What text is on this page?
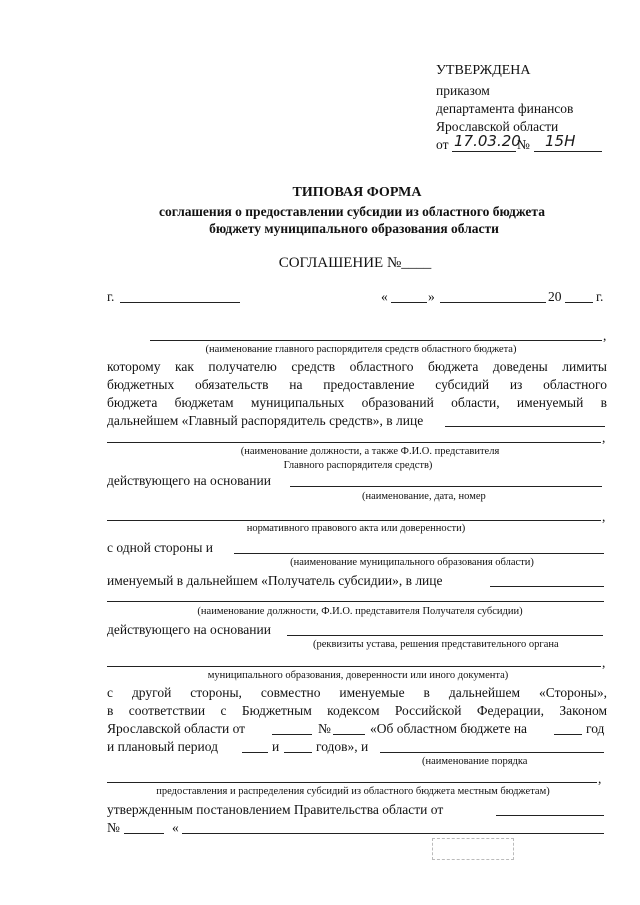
УТВЕРЖДЕНА
приказом
департамента финансов
Ярославской области
от 17.03.20
№ 15Н
ТИПОВАЯ ФОРМА
соглашения о предоставлении субсидии из областного бюджета
бюджету муниципального образования области
СОГЛАШЕНИЕ №____
г.	«	»	20	г.
,
(наименование главного распорядителя средств областного бюджета)
которому как получателю средств областного бюджета доведены лимиты
бюджетных обязательств на предоставление субсидий из областного
бюджета бюджетам муниципальных образований области, именуемый в
дальнейшем «Главный распорядитель средств», в лице
,
(наименование должности, а также Ф.И.О. представителя
Главного распорядителя средств)
действующего на основании
(наименование, дата, номер
,
нормативного правового акта или доверенности)
с одной стороны и
(наименование муниципального образования области)
именуемый в дальнейшем «Получатель субсидии», в лице
(наименование должности, Ф.И.О. представителя Получателя субсидии)
действующего на основании
(реквизиты устава, решения представительного органа
,
муниципального образования, доверенности или иного документа)
с другой стороны, совместно именуемые в дальнейшем «Стороны»,
в соответствии с Бюджетным кодексом Российской Федерации, Законом
Ярославской области от	№	«Об областном бюджете на	год
и плановый период	и	годов», и
(наименование порядка
,
предоставления и распределения субсидий из областного бюджета местным бюджетам)
утвержденным постановлением Правительства области от
№	«
